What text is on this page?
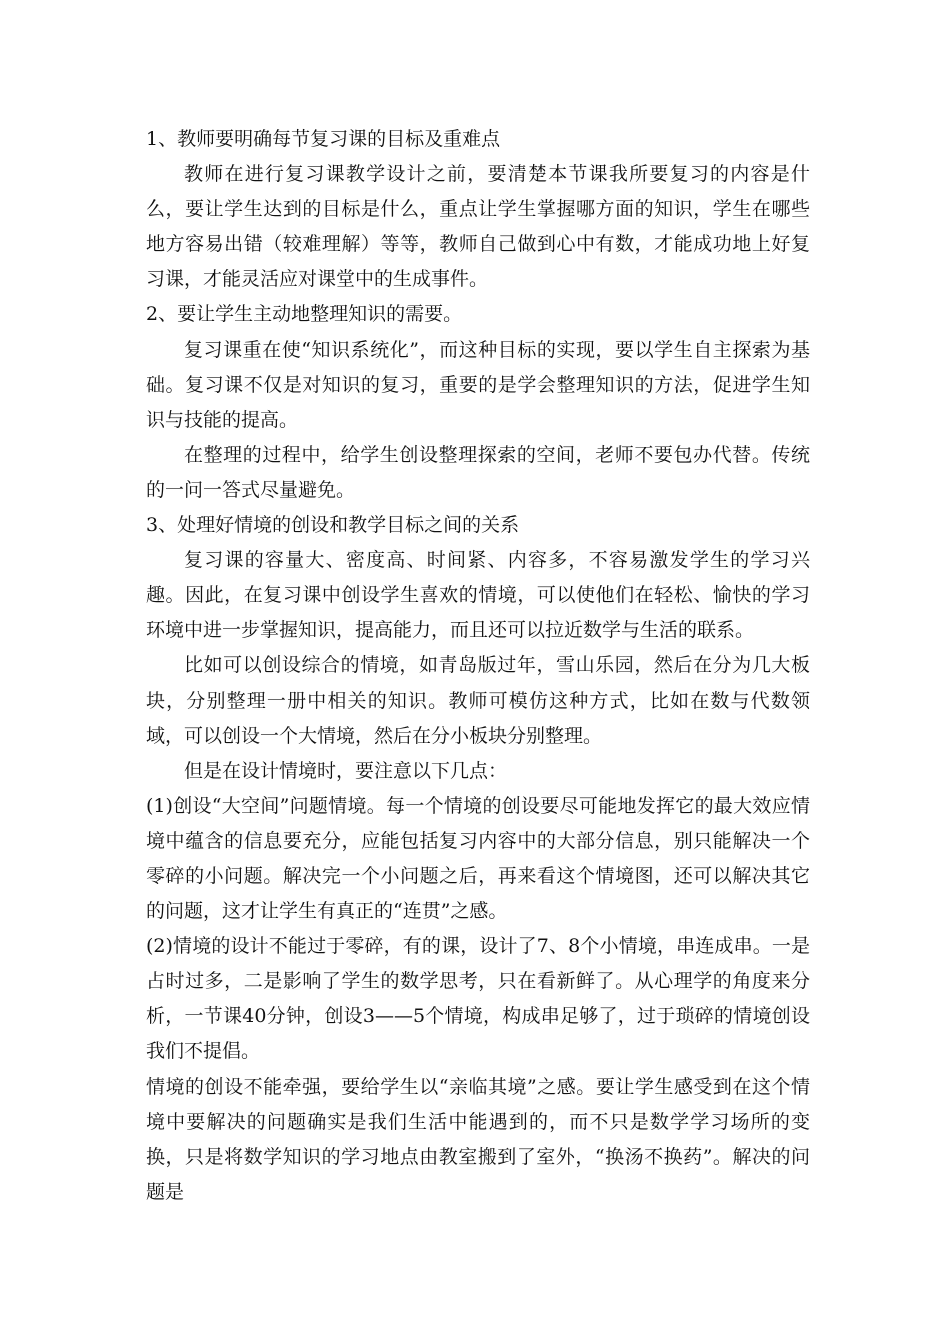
1、教师要明确每节复习课的目标及重难点

教师在进行复习课教学设计之前，要清楚本节课我所要复习的内容是什么，要让学生达到的目标是什么，重点让学生掌握哪方面的知识，学生在哪些地方容易出错（较难理解）等等，教师自己做到心中有数，才能成功地上好复习课，才能灵活应对课堂中的生成事件。

2、要让学生主动地整理知识的需要。

复习课重在使“知识系统化”，而这种目标的实现，要以学生自主探索为基础。复习课不仅是对知识的复习，重要的是学会整理知识的方法，促进学生知识与技能的提高。

在整理的过程中，给学生创设整理探索的空间，老师不要包办代替。传统的一问一答式尽量避免。

3、处理好情境的创设和教学目标之间的关系

复习课的容量大、密度高、时间紧、内容多，不容易激发学生的学习兴趣。因此，在复习课中创设学生喜欢的情境，可以使他们在轻松、愉快的学习环境中进一步掌握知识，提高能力，而且还可以拉近数学与生活的联系。

比如可以创设综合的情境，如青岛版过年，雪山乐园，然后在分为几大板块，分别整理一册中相关的知识。教师可模仿这种方式，比如在数与代数领域，可以创设一个大情境，然后在分小板块分别整理。

但是在设计情境时，要注意以下几点：

(1)创设“大空间”问题情境。每一个情境的创设要尽可能地发挥它的最大效应情境中蕴含的信息要充分，应能包括复习内容中的大部分信息，别只能解决一个零碎的小问题。解决完一个小问题之后，再来看这个情境图，还可以解决其它的问题，这才让学生有真正的“连贯”之感。

(2)情境的设计不能过于零碎，有的课，设计了7、8个小情境，串连成串。一是占时过多，二是影响了学生的数学思考，只在看新鲜了。从心理学的角度来分析，一节课40分钟，创设3——5个情境，构成串足够了，过于琐碎的情境创设我们不提倡。

情境的创设不能牵强，要给学生以“亲临其境”之感。要让学生感受到在这个情境中要解决的问题确实是我们生活中能遇到的，而不只是数学学习场所的变换，只是将数学知识的学习地点由教室搬到了室外，“换汤不换药”。解决的问题是
